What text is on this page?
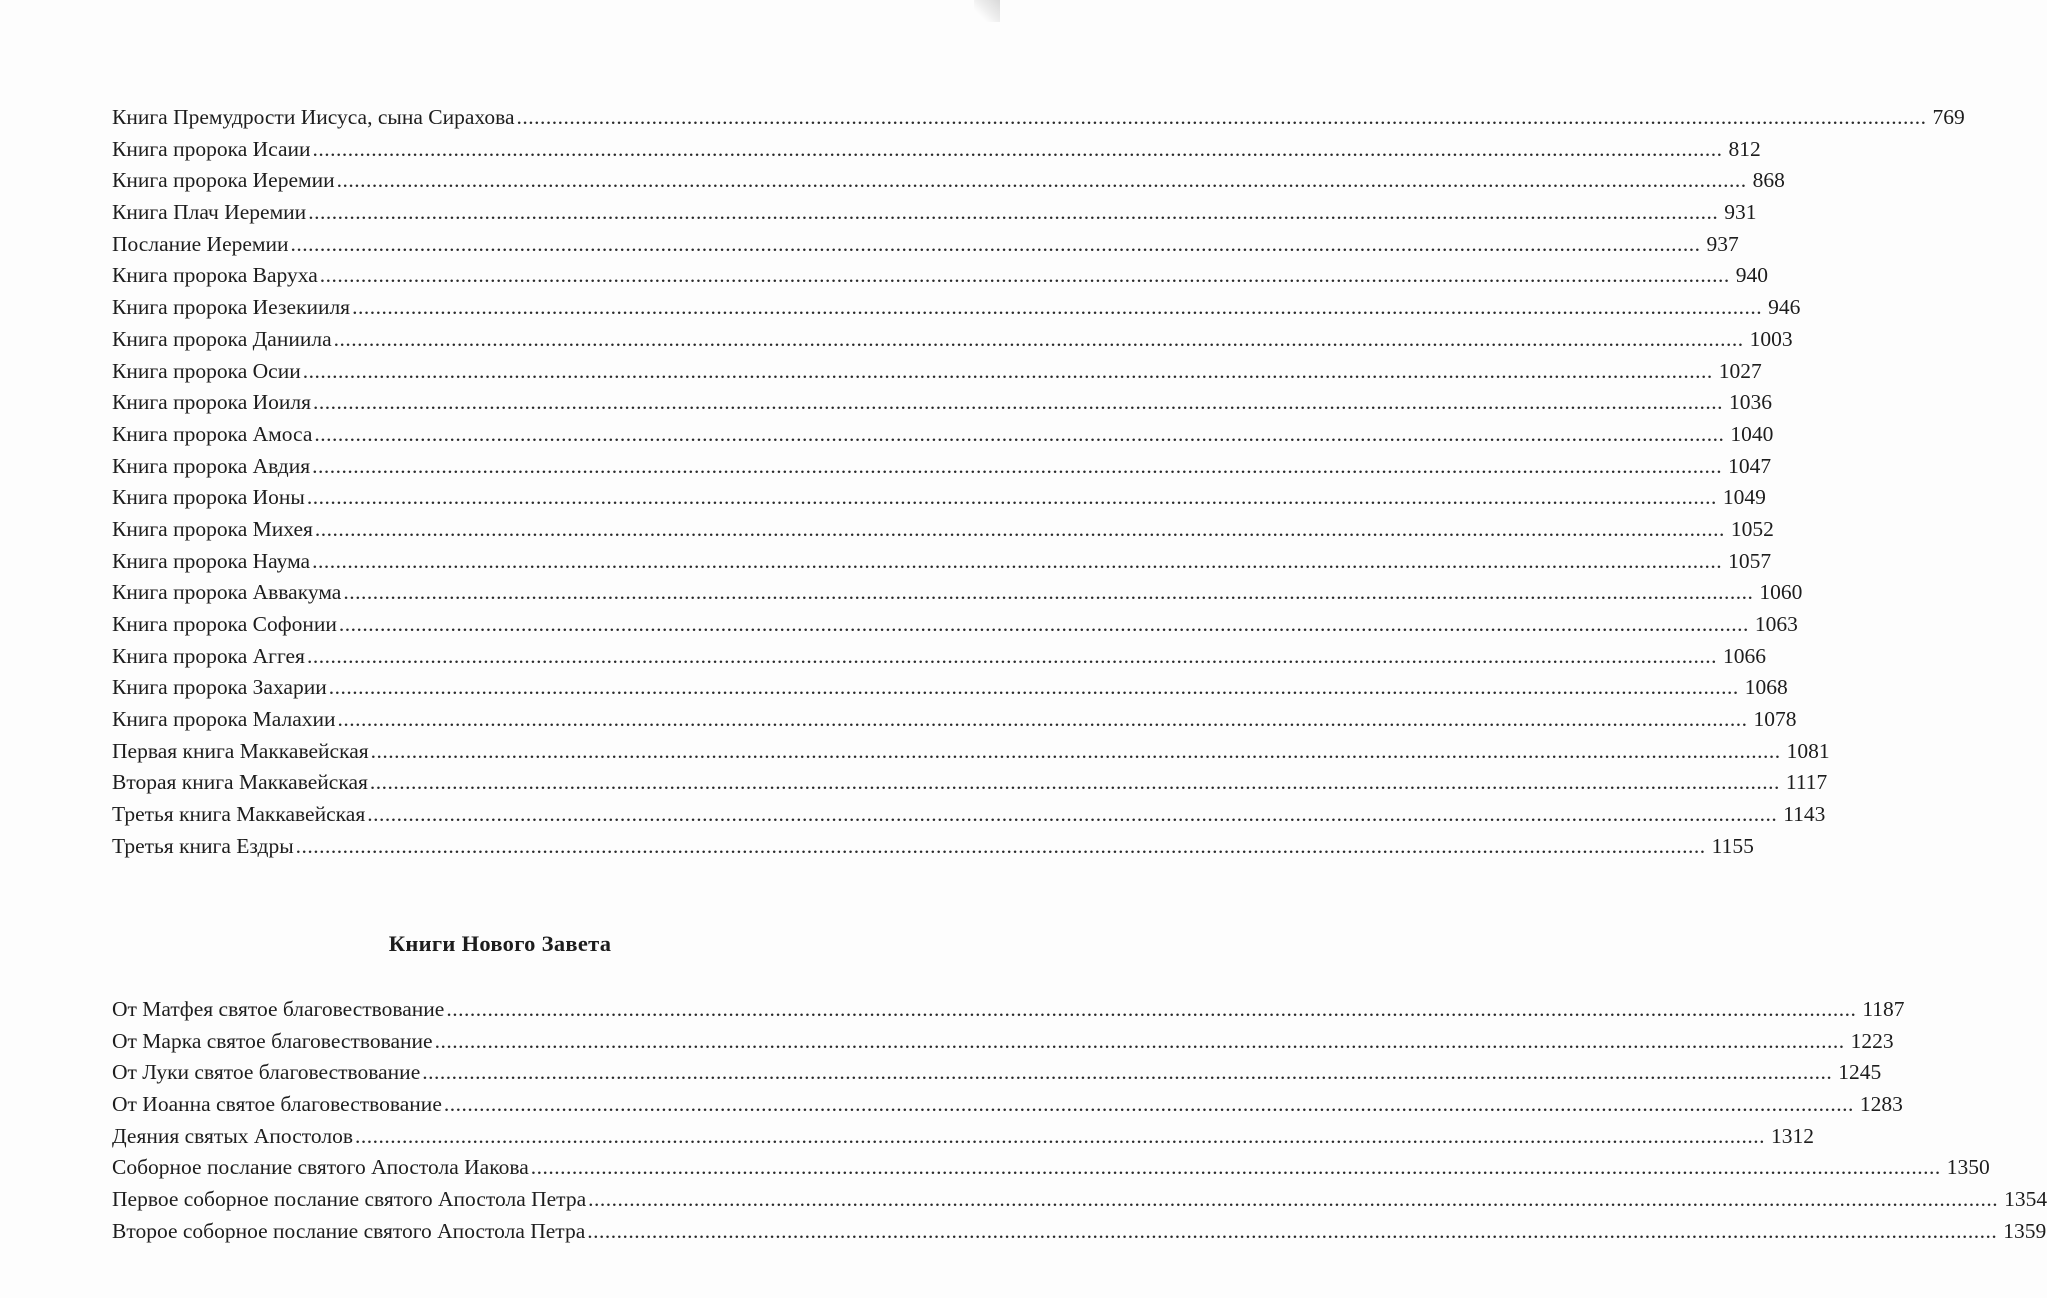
Книга Премудрости Иисуса, сына Сирахова ................................................................................................................................................................................................................................................ 769
Книга пророка Исаии ................................................................................................................................................................................................................................................ 812
Книга пророка Иеремии ................................................................................................................................................................................................................................................ 868
Книга Плач Иеремии ................................................................................................................................................................................................................................................ 931
Послание Иеремии ................................................................................................................................................................................................................................................ 937
Книга пророка Варуха ................................................................................................................................................................................................................................................ 940
Книга пророка Иезекииля ................................................................................................................................................................................................................................................ 946
Книга пророка Даниила ................................................................................................................................................................................................................................................ 1003
Книга пророка Осии ................................................................................................................................................................................................................................................ 1027
Книга пророка Иоиля ................................................................................................................................................................................................................................................ 1036
Книга пророка Амоса ................................................................................................................................................................................................................................................ 1040
Книга пророка Авдия ................................................................................................................................................................................................................................................ 1047
Книга пророка Ионы ................................................................................................................................................................................................................................................ 1049
Книга пророка Михея ................................................................................................................................................................................................................................................ 1052
Книга пророка Наума ................................................................................................................................................................................................................................................ 1057
Книга пророка Аввакума ................................................................................................................................................................................................................................................ 1060
Книга пророка Софонии ................................................................................................................................................................................................................................................ 1063
Книга пророка Аггея ................................................................................................................................................................................................................................................ 1066
Книга пророка Захарии ................................................................................................................................................................................................................................................ 1068
Книга пророка Малахии ................................................................................................................................................................................................................................................ 1078
Первая книга Маккавейская ................................................................................................................................................................................................................................................ 1081
Вторая книга Маккавейская ................................................................................................................................................................................................................................................ 1117
Третья книга Маккавейская ................................................................................................................................................................................................................................................ 1143
Третья книга Ездры ................................................................................................................................................................................................................................................ 1155
Книги Нового Завета
От Матфея святое благовествование ................................................................................................................................................................................................................................................ 1187
От Марка святое благовествование ................................................................................................................................................................................................................................................ 1223
От Луки святое благовествование ................................................................................................................................................................................................................................................ 1245
От Иоанна святое благовествование ................................................................................................................................................................................................................................................ 1283
Деяния святых Апостолов ................................................................................................................................................................................................................................................ 1312
Соборное послание святого Апостола Иакова ................................................................................................................................................................................................................................................ 1350
Первое соборное послание святого Апостола Петра ................................................................................................................................................................................................................................................ 1354
Второе соборное послание святого Апостола Петра ................................................................................................................................................................................................................................................ 1359
